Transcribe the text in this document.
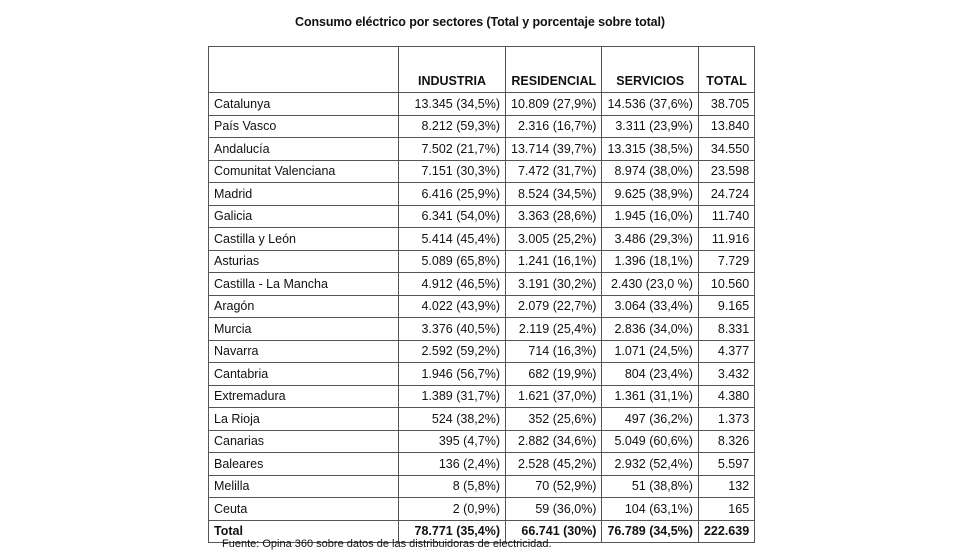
Consumo eléctrico por sectores (Total y porcentaje sobre total)
	INDUSTRIA	RESIDENCIAL	SERVICIOS	TOTAL
Catalunya	13.345 (34,5%)	10.809 (27,9%)	14.536 (37,6%)	38.705
País Vasco	8.212 (59,3%)	2.316 (16,7%)	3.311 (23,9%)	13.840
Andalucía	7.502 (21,7%)	13.714 (39,7%)	13.315 (38,5%)	34.550
Comunitat Valenciana	7.151 (30,3%)	7.472 (31,7%)	8.974 (38,0%)	23.598
Madrid	6.416 (25,9%)	8.524 (34,5%)	9.625 (38,9%)	24.724
Galicia	6.341 (54,0%)	3.363 (28,6%)	1.945 (16,0%)	11.740
Castilla y León	5.414 (45,4%)	3.005 (25,2%)	3.486 (29,3%)	11.916
Asturias	5.089 (65,8%)	1.241 (16,1%)	1.396 (18,1%)	7.729
Castilla - La Mancha	4.912 (46,5%)	3.191 (30,2%)	2.430 (23,0 %)	10.560
Aragón	4.022 (43,9%)	2.079 (22,7%)	3.064 (33,4%)	9.165
Murcia	3.376 (40,5%)	2.119 (25,4%)	2.836 (34,0%)	8.331
Navarra	2.592 (59,2%)	714 (16,3%)	1.071 (24,5%)	4.377
Cantabria	1.946 (56,7%)	682 (19,9%)	804 (23,4%)	3.432
Extremadura	1.389 (31,7%)	1.621 (37,0%)	1.361 (31,1%)	4.380
La Rioja	524 (38,2%)	352 (25,6%)	497 (36,2%)	1.373
Canarias	395 (4,7%)	2.882 (34,6%)	5.049 (60,6%)	8.326
Baleares	136 (2,4%)	2.528 (45,2%)	2.932 (52,4%)	5.597
Melilla	8 (5,8%)	70 (52,9%)	51 (38,8%)	132
Ceuta	2 (0,9%)	59 (36,0%)	104 (63,1%)	165
Total	78.771 (35,4%)	66.741 (30%)	76.789 (34,5%)	222.639
Fuente: Opina 360 sobre datos de las distribuidoras de electricidad.
